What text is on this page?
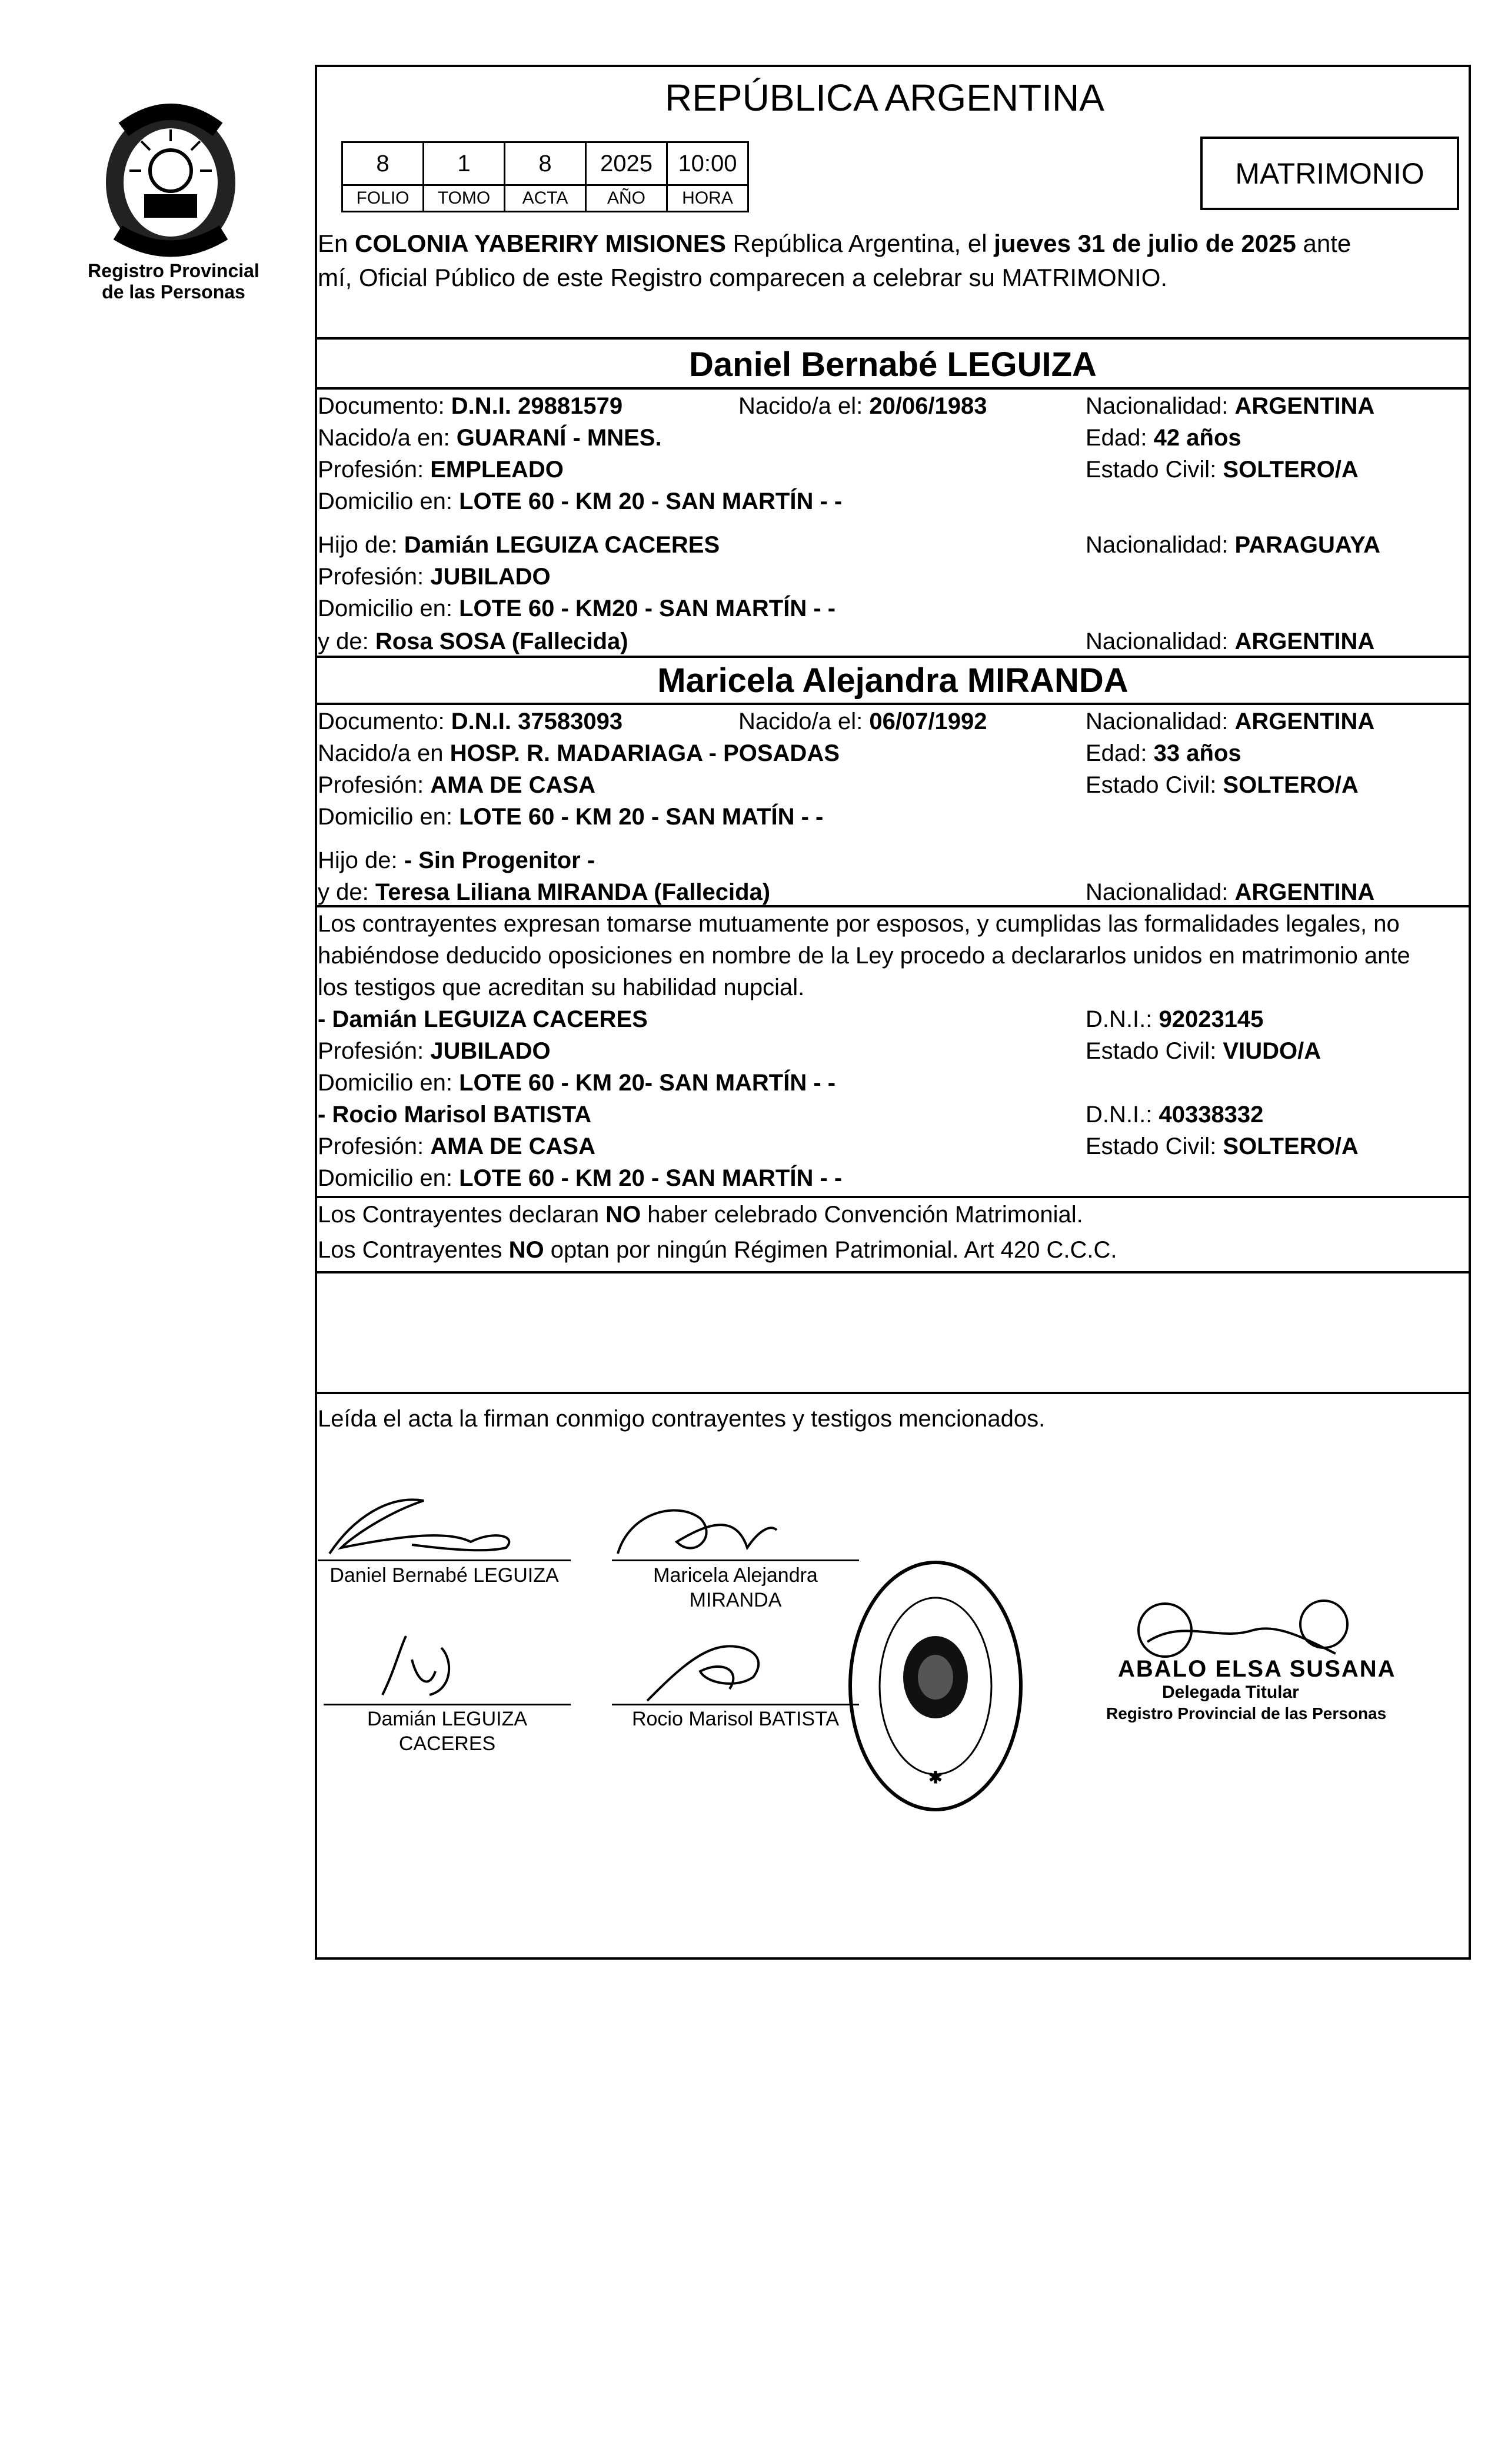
Registro Provincial
de las Personas
REPÚBLICA ARGENTINA
8	1	8	2025	10:00
FOLIO	TOMO	ACTA	AÑO	HORA
MATRIMONIO
En COLONIA YABERIRY MISIONES República Argentina, el jueves 31 de julio de 2025 ante
mí, Oficial Público de este Registro comparecen a celebrar su MATRIMONIO.
Daniel Bernabé LEGUIZA
Documento: D.N.I. 29881579	Nacido/a el: 20/06/1983	Nacionalidad: ARGENTINA
Nacido/a en: GUARANÍ - MNES.	Edad: 42 años
Profesión: EMPLEADO	Estado Civil: SOLTERO/A
Domicilio en: LOTE 60 - KM 20 - SAN MARTÍN - -
Hijo de: Damián LEGUIZA CACERES	Nacionalidad: PARAGUAYA
Profesión: JUBILADO
Domicilio en: LOTE 60 - KM20 - SAN MARTÍN - -
y de: Rosa SOSA (Fallecida)	Nacionalidad: ARGENTINA
Maricela Alejandra MIRANDA
Documento: D.N.I. 37583093	Nacido/a el: 06/07/1992	Nacionalidad: ARGENTINA
Nacido/a en HOSP. R. MADARIAGA - POSADAS	Edad: 33 años
Profesión: AMA DE CASA	Estado Civil: SOLTERO/A
Domicilio en: LOTE 60 - KM 20 - SAN MATÍN - -
Hijo de: - Sin Progenitor -
y de: Teresa Liliana MIRANDA (Fallecida)	Nacionalidad: ARGENTINA
Los contrayentes expresan tomarse mutuamente por esposos, y cumplidas las formalidades legales, no
habiéndose deducido oposiciones en nombre de la Ley procedo a declararlos unidos en matrimonio ante
los testigos que acreditan su habilidad nupcial.
- Damián LEGUIZA CACERES	D.N.I.: 92023145
Profesión: JUBILADO	Estado Civil: VIUDO/A
Domicilio en: LOTE 60 - KM 20- SAN MARTÍN - -
- Rocio Marisol BATISTA	D.N.I.: 40338332
Profesión: AMA DE CASA	Estado Civil: SOLTERO/A
Domicilio en: LOTE 60 - KM 20 - SAN MARTÍN - -
Los Contrayentes declaran NO haber celebrado Convención Matrimonial.
Los Contrayentes NO optan por ningún Régimen Patrimonial. Art 420 C.C.C.
Leída el acta la firman conmigo contrayentes y testigos mencionados.
Daniel Bernabé LEGUIZA	Maricela Alejandra MIRANDA
Damián LEGUIZA CACERES
Rocio Marisol BATISTA
✱
ABALO ELSA SUSANA
Delegada Titular
Registro Provincial de las Personas
